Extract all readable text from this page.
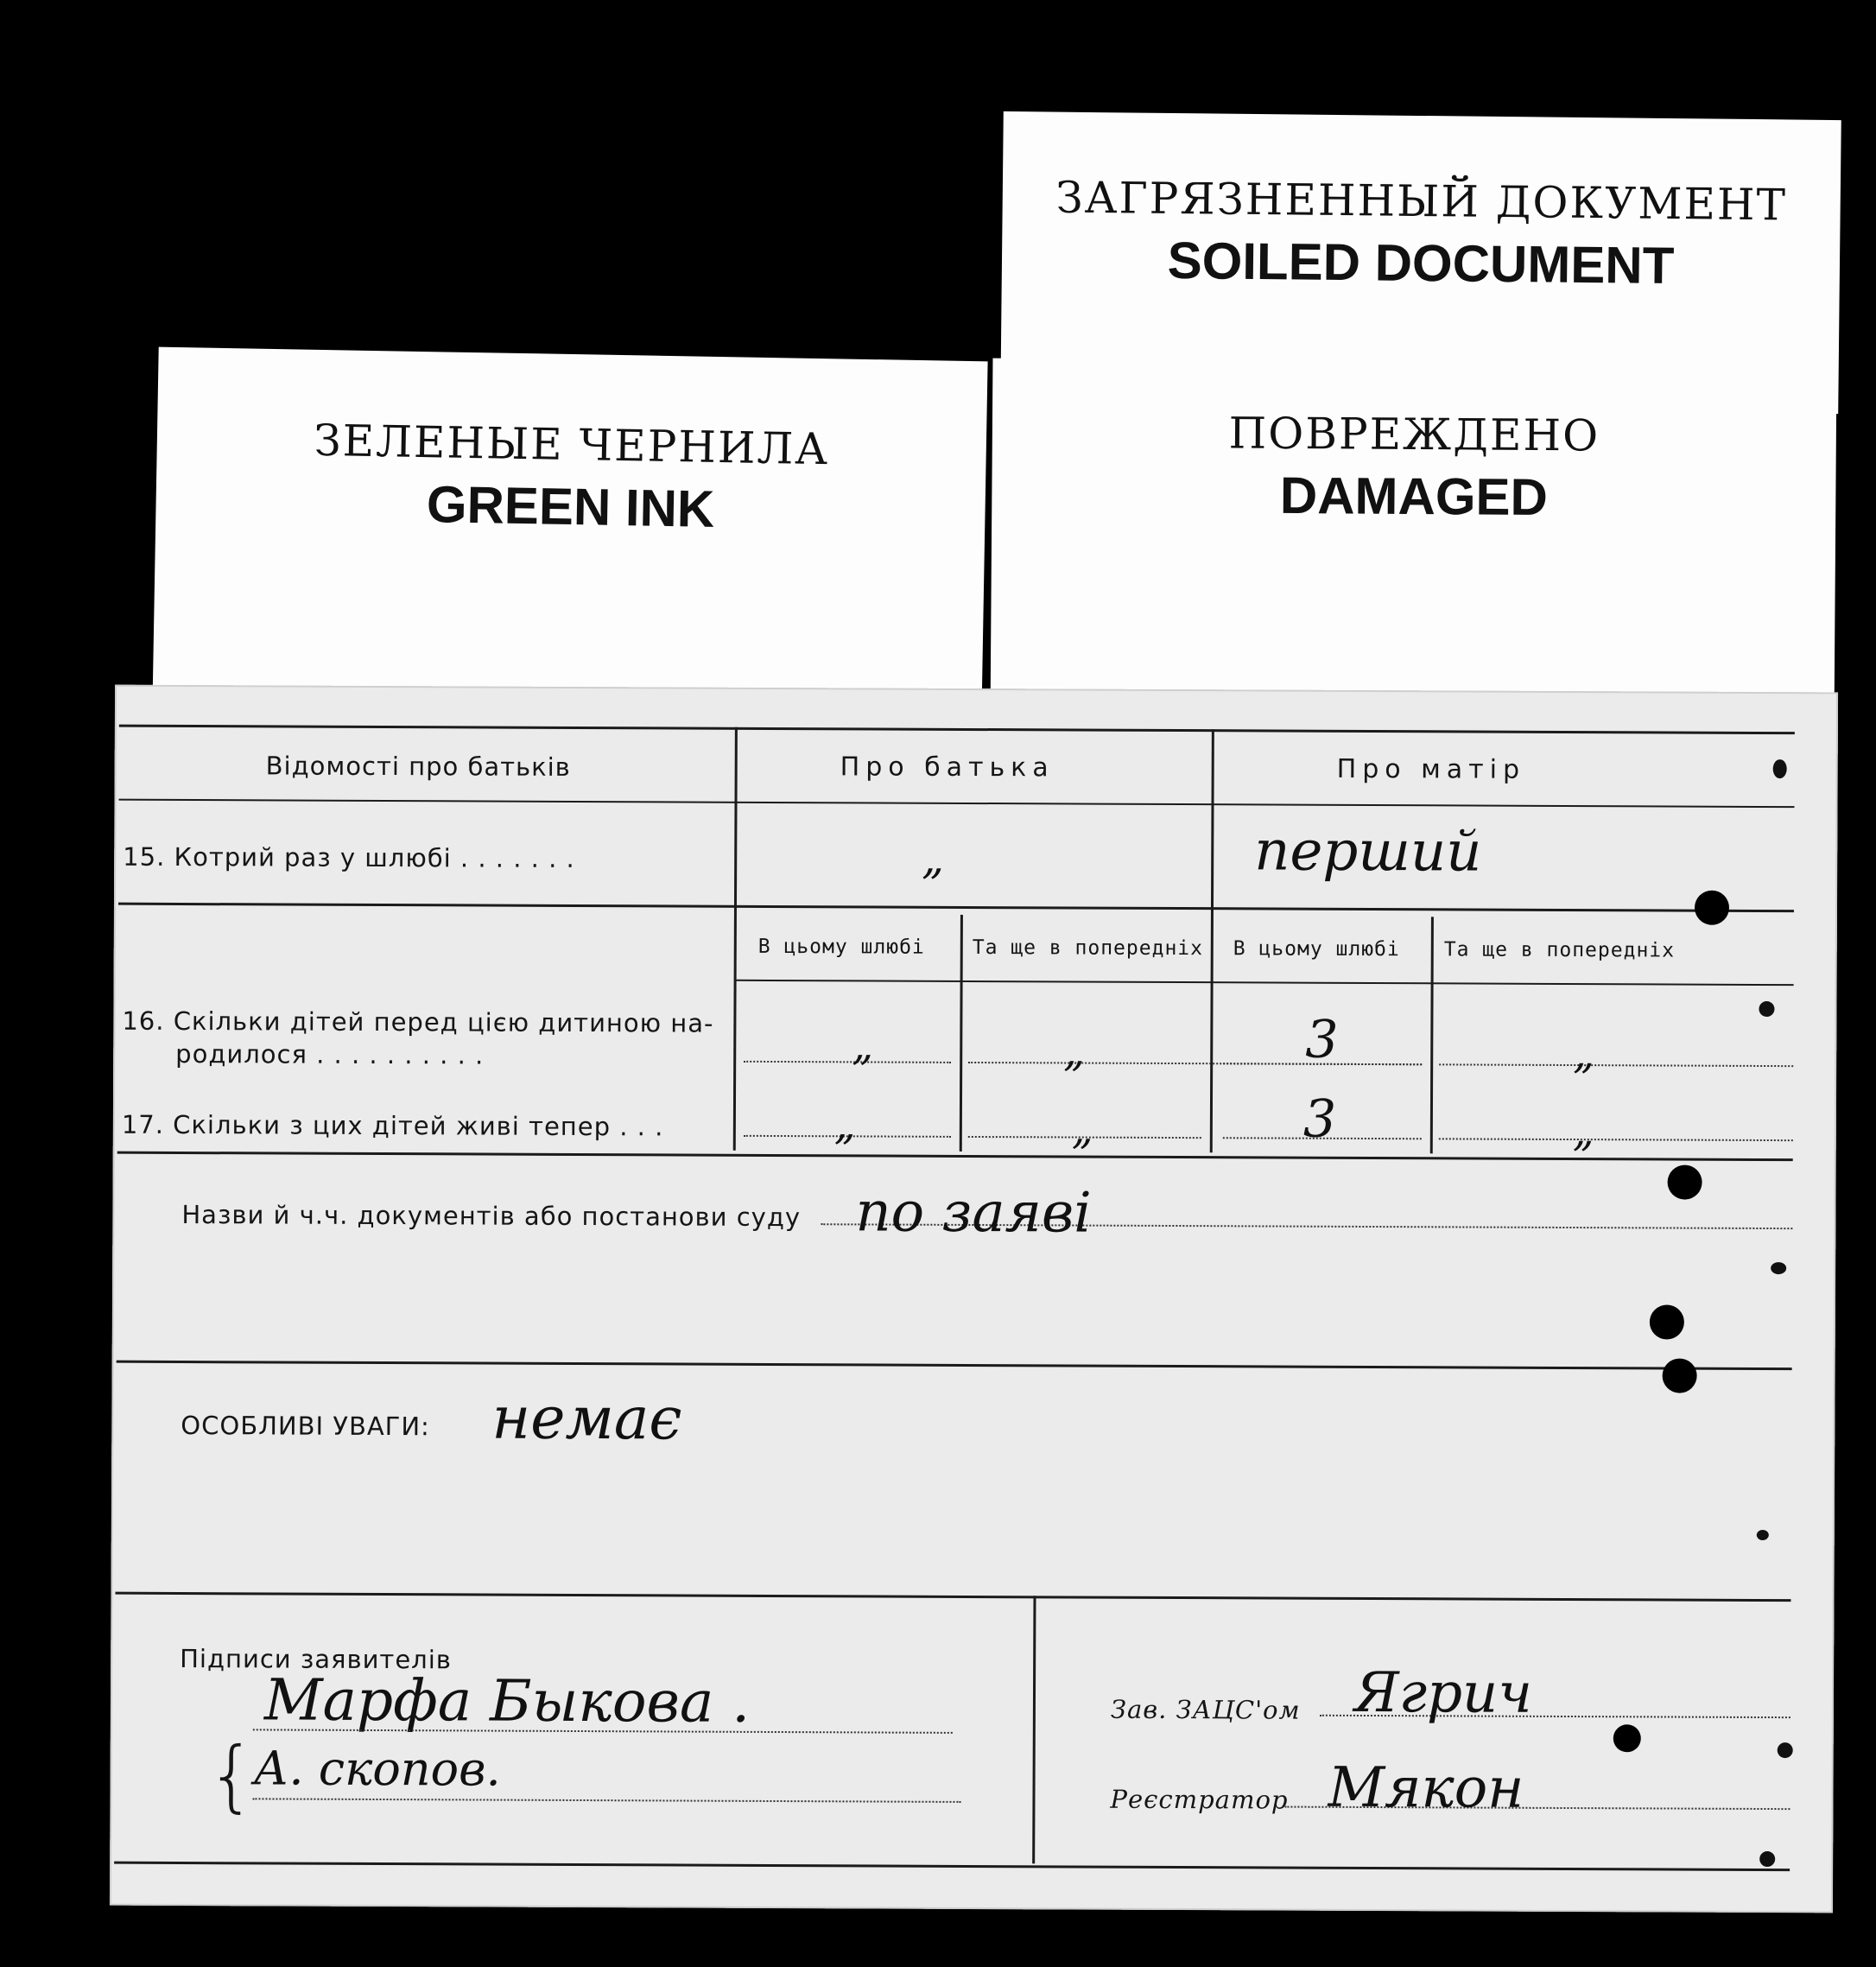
ЗАГРЯЗНЕННЫЙ ДОКУМЕНТ
SOILED DOCUMENT
ПОВРЕЖДЕНО
DAMAGED
ЗЕЛЕНЫЕ ЧЕРНИЛА
GREEN INK
Відомості про батьків	Про батька	Про матір
15. Котрий раз у шлюбі . . . . . . .	„	перший
В цьому шлюбі Та ще в попередніх В цьому шлюбі Та ще в попередніх
16. Скільки дітей перед цією дитиною на-
родилося . . . . . . . . . .	„	„	3	„
17. Скільки з цих дітей живі тепер . . .	„	„	3	„
Назви й ч.ч. документів або постанови суду по заяві
ОСОБЛИВІ УВАГИ: немає
Підписи заявителів
{
Марфа Быкова .
А. скопов.
Зав. ЗАЦС'ом Ягрич
Реєстратор Мякон
